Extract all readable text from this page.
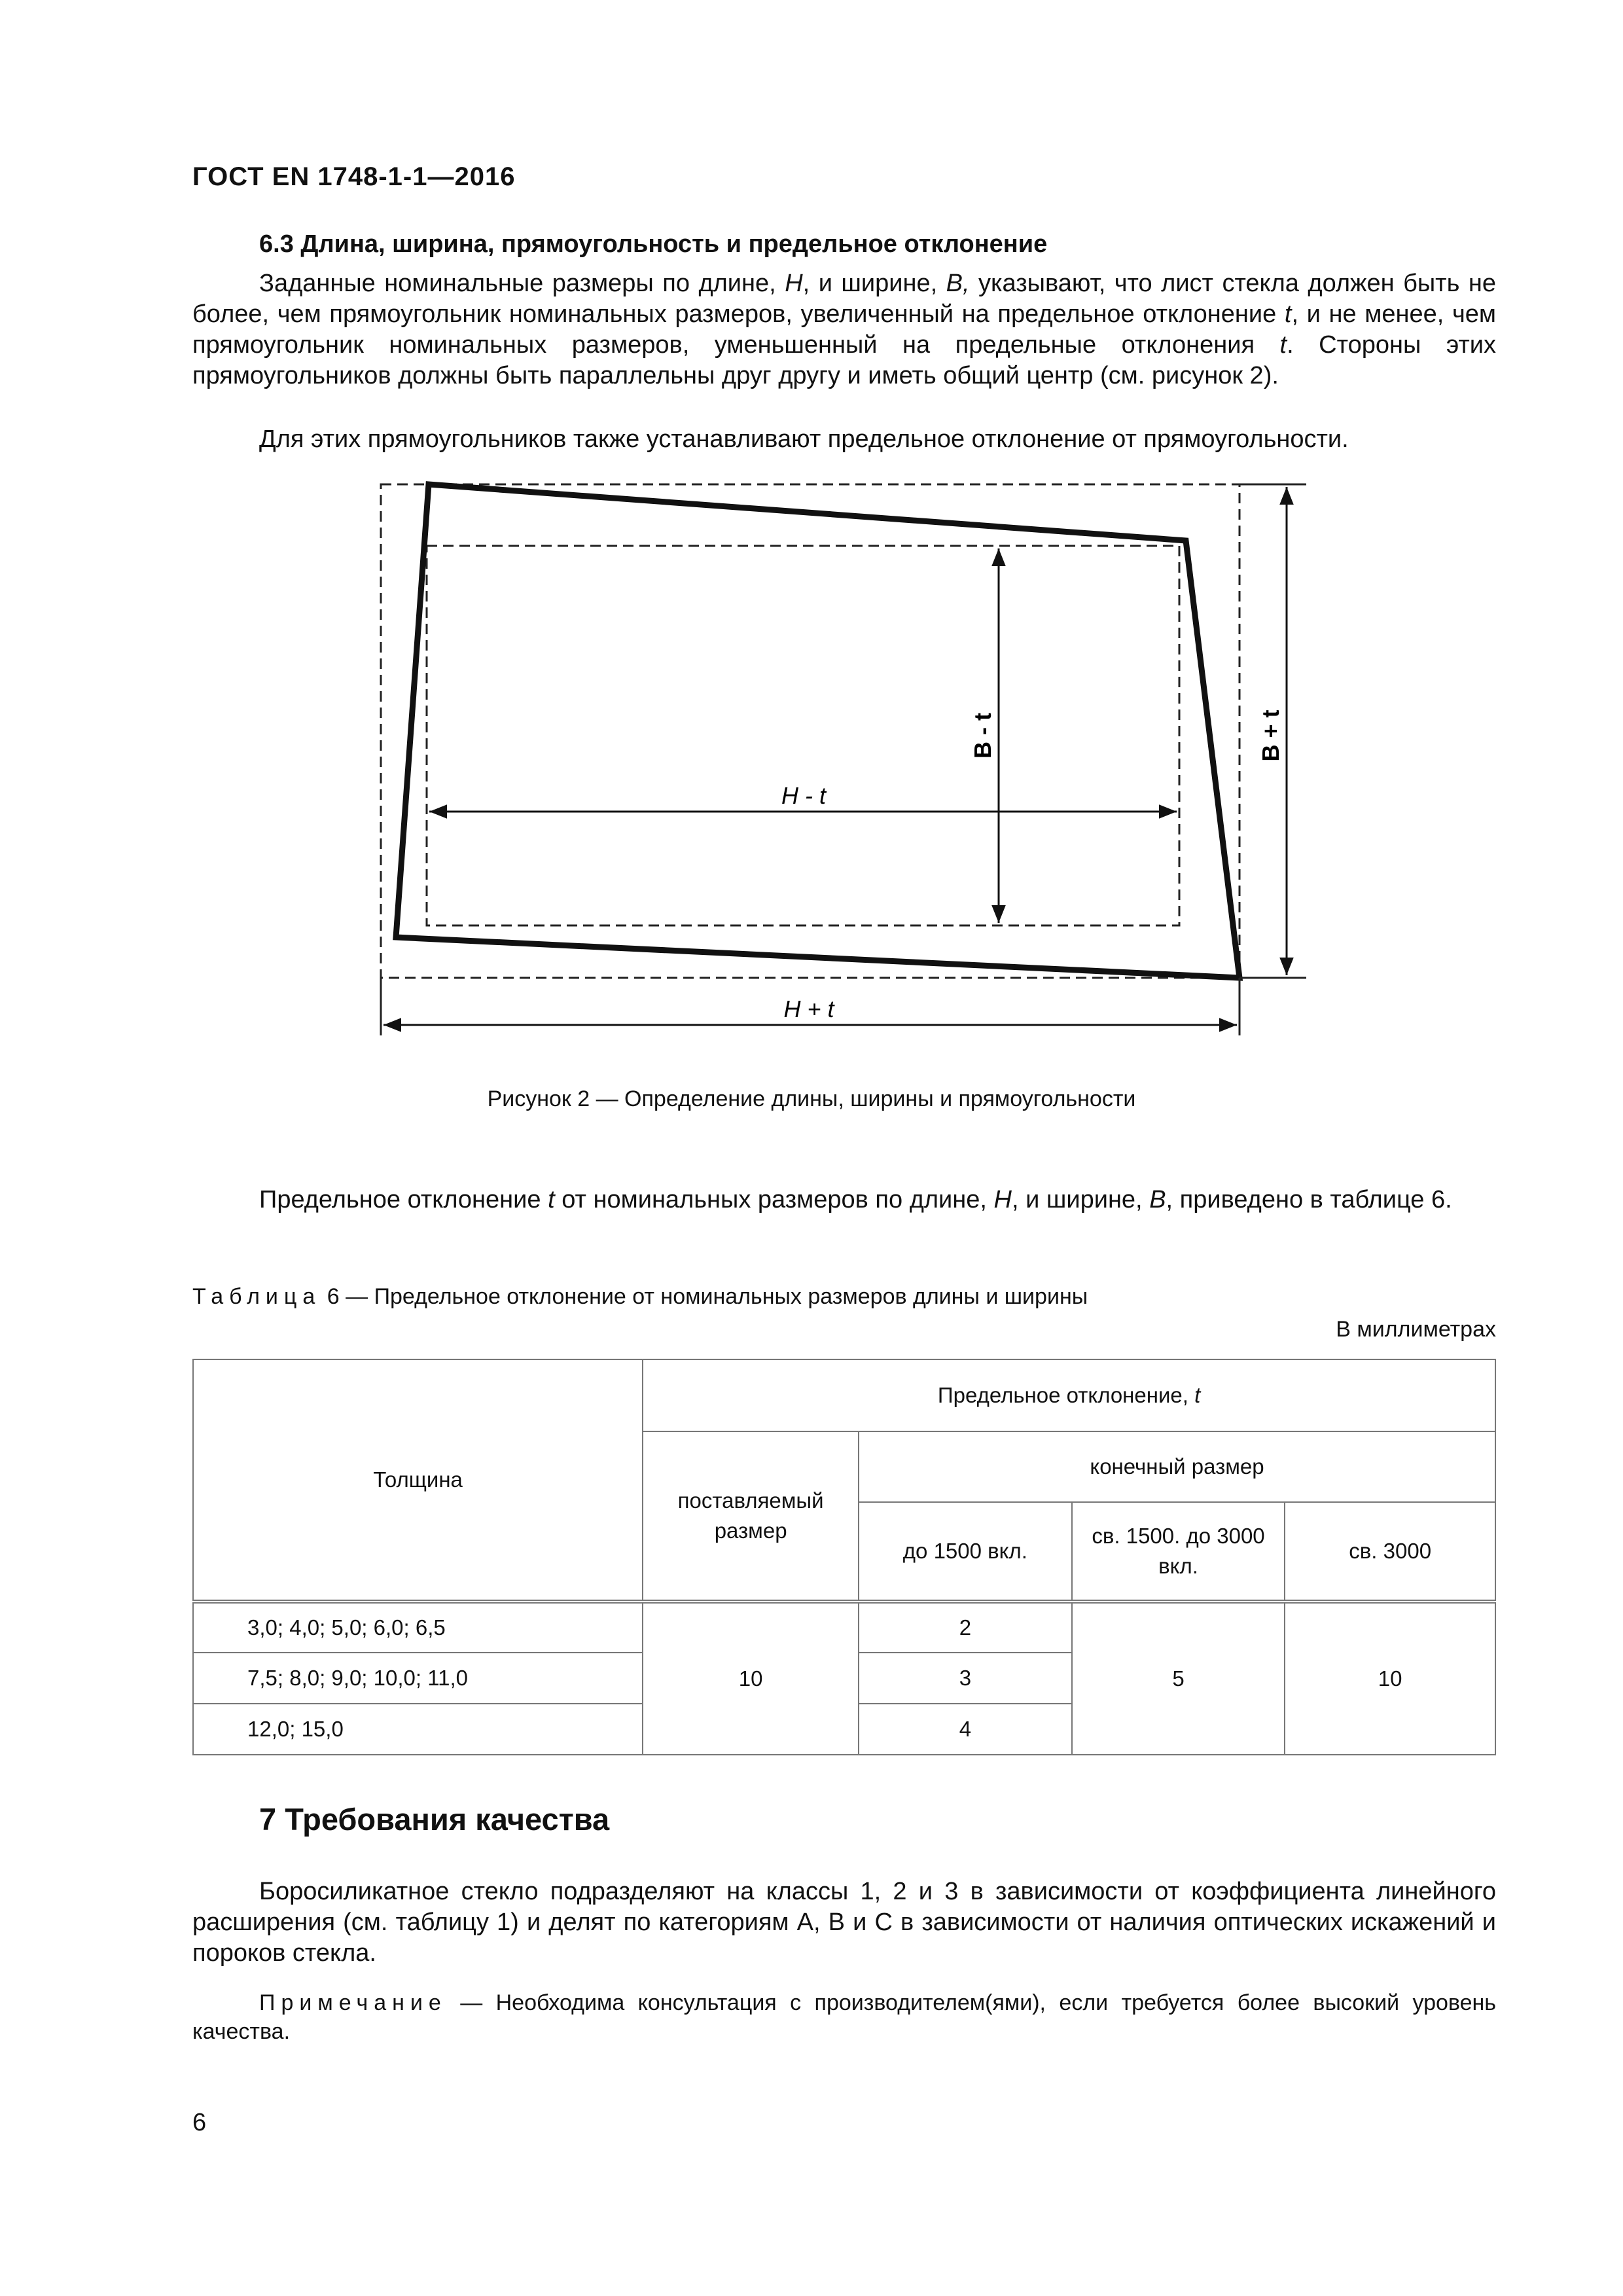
ГОСТ EN 1748-1-1—2016
6.3 Длина, ширина, прямоугольность и предельное отклонение
Заданные номинальные размеры по длине, H, и ширине, B, указывают, что лист стекла должен быть не более, чем прямоугольник номинальных размеров, увеличенный на предельное отклонение t, и не менее, чем прямоугольник номинальных размеров, уменьшенный на предельные отклонения t. Стороны этих прямоугольников должны быть параллельны друг другу и иметь общий центр (см. рисунок 2).
Для этих прямоугольников также устанавливают предельное отклонение от прямоугольности.
H - t
B - t	B + t
H + t
Рисунок 2 — Определение длины, ширины и прямоугольности
Предельное отклонение t от номинальных размеров по длине, H, и ширине, B, приведено в таблице 6.
Таблица 6 — Предельное отклонение от номинальных размеров длины и ширины
В миллиметрах
Толщина	Предельное отклонение, t			
	поставляемый размер	конечный размер		
		до 1500 вкл.	св. 1500. до 3000 вкл.	св. 3000
3,0; 4,0; 5,0; 6,0; 6,5	10	2	5	10
7,5; 8,0; 9,0; 10,0; 11,0		3		
12,0; 15,0		4		
7 Требования качества
Боросиликатное стекло подразделяют на классы 1, 2 и 3 в зависимости от коэффициента линейного расширения (см. таблицу 1) и делят по категориям А, В и С в зависимости от наличия оптических искажений и пороков стекла.
Примечание — Необходима консультация с производителем(ями), если требуется более высокий уровень качества.
6
